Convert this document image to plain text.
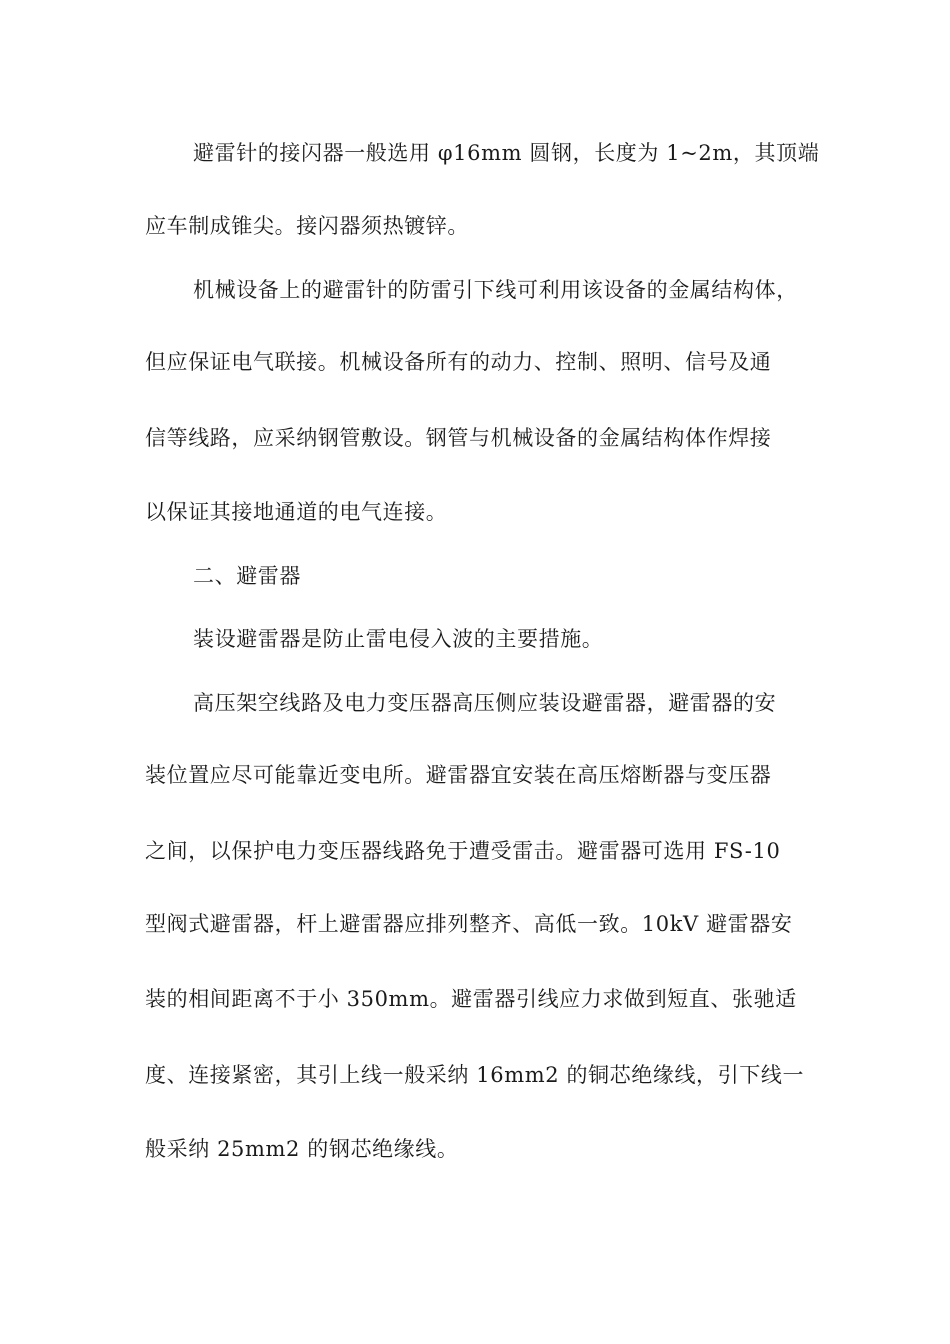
避雷针的接闪器一般选用 φ16mm 圆钢，长度为 1~2m，其顶端
应车制成锥尖。接闪器须热镀锌。
机械设备上的避雷针的防雷引下线可利用该设备的金属结构体，
但应保证电气联接。机械设备所有的动力、控制、照明、信号及通
信等线路，应采纳钢管敷设。钢管与机械设备的金属结构体作焊接
以保证其接地通道的电气连接。
二、避雷器
装设避雷器是防止雷电侵入波的主要措施。
高压架空线路及电力变压器高压侧应装设避雷器，避雷器的安
装位置应尽可能靠近变电所。避雷器宜安装在高压熔断器与变压器
之间，以保护电力变压器线路免于遭受雷击。避雷器可选用 FS-10
型阀式避雷器，杆上避雷器应排列整齐、高低一致。10kV 避雷器安
装的相间距离不于小 350mm。避雷器引线应力求做到短直、张驰适
度、连接紧密，其引上线一般采纳 16mm2 的铜芯绝缘线，引下线一
般采纳 25mm2 的钢芯绝缘线。
